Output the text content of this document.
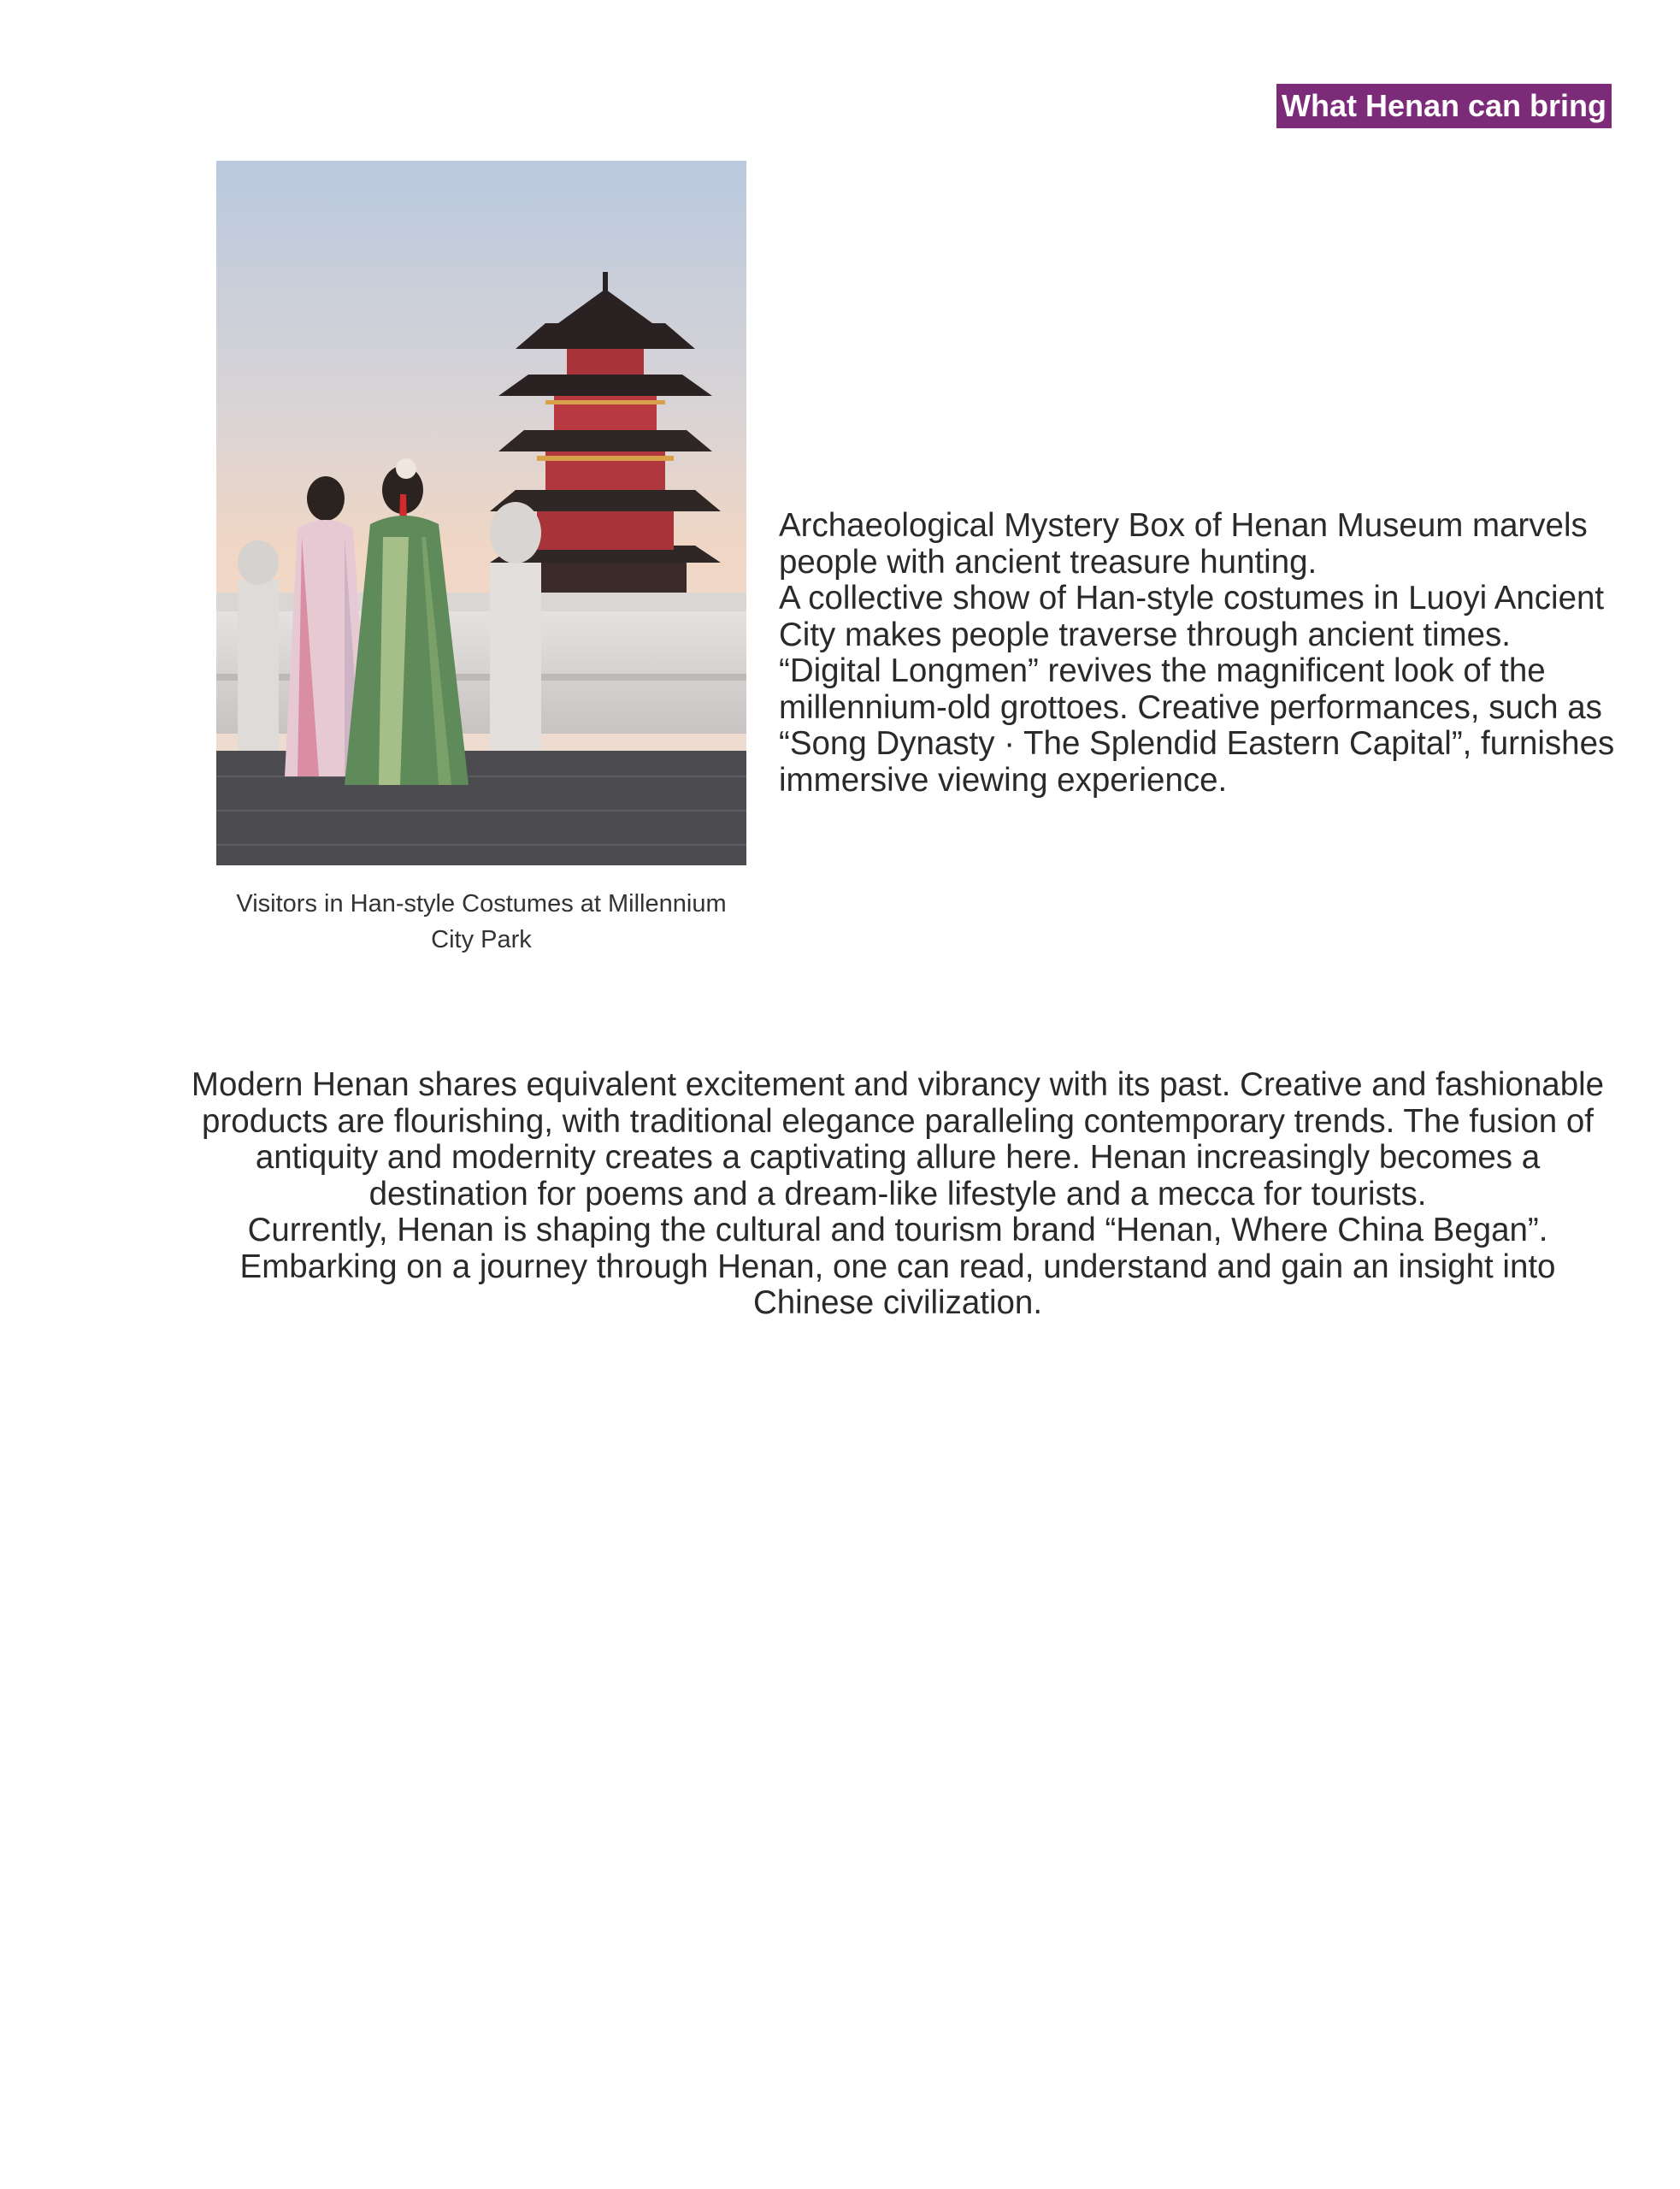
What Henan can bring
Visitors in Han-style Costumes at Millennium
City Park

Archaeological Mystery Box of Henan Museum marvels people with ancient treasure hunting.

A collective show of Han-style costumes in Luoyi Ancient City makes people traverse through ancient times. “Digital Longmen” revives the magnificent look of the millennium-old grottoes. Creative performances, such as “Song Dynasty · The Splendid Eastern Capital”, furnishes immersive viewing experience.

Modern Henan shares equivalent excitement and vibrancy with its past. Creative and fashionable products are flourishing, with traditional elegance paralleling contemporary trends. The fusion of antiquity and modernity creates a captivating allure here. Henan increasingly becomes a destination for poems and a dream-like lifestyle and a mecca for tourists.

Currently, Henan is shaping the cultural and tourism brand “Henan, Where China Began”. Embarking on a journey through Henan, one can read, understand and gain an insight into Chinese civilization.
